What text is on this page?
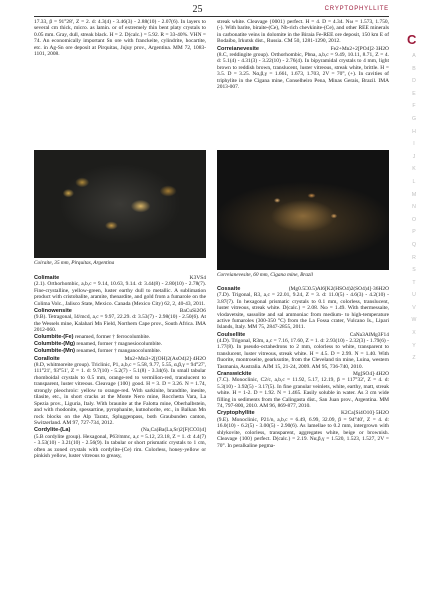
25	CRYPTOPHYLLITE

17.33, β = 91°28', Z = 2. d: 4.3(4) - 3.46(3) - 2.88(10) - 2.07(6). In layers to several cm thick, micro. as lamin. or of extremely thin bent platy crystals to 0.05 mm. Gray, dull, streak black. H = 2. D(calc.) = 5.92. R = 33-40%. VHN = 74. An economically important Sn ore with franckeite, cylindrite, hocartite, etc. in Ag-Sn ore deposit at Pirquitas, Jujuy prov., Argentina. MM 72, 1083-1101, 2008.

Coiraite, 35 mm, Pirquitas, Argentina

Colimaite	K3VS4

(2.1). Orthorhombic, a,b,c = 9.14, 10.63, 9.14. d: 3.44(8) - 2.80(10) - 2.78(7). Fine-crystalline, yellow-green, luster earthy dull to metallic. A sublimation product with cristobalite, aramite, thenardite, and gold from a fumarole on the Colima Volc., Jalisco State, Mexico. Canada (Mexico City) 62, 2, 40-43, 2011.

Colinowensite	BaCuSi2O6

(9.B). Tetragonal, I4/mcd, a,c = 9.97, 22.29. d: 3.53(7) - 2.98(10) - 2.50(6). At the Wessels mine, Kalahari Mn Field, Northern Cape prov., South Africa. IMA 2012-060.

Columbite-(Fe) renamed, former † ferrocolumbite.

Columbite-(Mg) renamed, former † magnesiocolumbite.

Columbite-(Mn) renamed, former † manganocolumbite.

Coralloite	Mn2+Mn3+2[(OH)2(AsO4)2]·4H2O

(8.D, whitmoreite group). Triclinic, P1, a,b,c = 5.58, 9.77, 5.55, α,β,γ = 94°27', 111°21', 93°51', Z = 1. d: 9.7(10) - 5.2(7) - 5.1(8) - 3.34(6). In small tabular rhomboidal crystals to 0.5 mm, orange-red to vermilion-red, translucent to transparent, luster vitreous. Cleavage {100} good. H = 3. D = 3.26. N = 1.74, strongly pleochroic: yellow to orange-red. With sarkinite, brandtite, inesite, tilasite, etc., in short cracks at the Monte Nero mine, Rocchetta Vara, La Spezia prov., Liguria, Italy. With braunite at the Falotta mine, Oberhalbstein, and with rhodonite, spessartine, pyrophanite, kutnohorite, etc., in Balkan Mn rock blocks on the Alp Taratz, Spluggenpass, both Graubunden canton, Switzerland. AM 97, 727-734, 2012.

Cordylite-(La)	(Na,Ca)Ba(La,Sr)2[F(CO3)4]

(5.B cordylite group). Hexagonal, P63/mmc, a,c = 5.12, 23.18, Z = 1. d: 4.4(7) - 3.53(10) - 3.21(10) - 2.56(9). In tabular or short prismatic crystals to 1 cm, often as zoned crystals with cordylite-(Ce) rim. Colorless, honey-yellow or pinkish yellow, luster vitreous to greasy,

streak white. Cleavage {0001} perfect. H = 4. D = 4.34. Nω = 1.573, 1.750, (-). With barite, biraite-(Ce), Nb-rich chevkinite-(Ce), and other REE minerals in carbonatite veins in dolomite in the Biraia Fe-REE ore deposit, 150 km E of Bodaibo, Irkutsk dist., Russia. CM 50, 1281-1290, 2012.

Correianevesite	Fe2+Mn2+2[PO4]2·3H2O

(8.C, reddingite group). Orthorhombic, Pbna, a,b,c = 9.49, 10.11, 8.71, Z = 4. d: 5.1(4) - 4.31(3) - 3.22(10) - 2.76(4). In bipyramidal crystals to 4 mm, light brown to reddish brown, translucent, luster vitreous, streak white, brittle. H = 3.5. D = 3.25. Nα,β,γ = 1.661, 1.673, 1.703, 2V = 70°, (+). In cavities of triphylite in the Cigana mine, Conselheiro Pena, Minas Gerais, Brazil. IMA 2013-007.

Correianevesite, 60 mm, Cigana mine, Brazil

Cossaite	(Mg0.5□0.5)Al6[K2(HSO4)2(SO4)4]·36H2O

(7.D). Trigonal, R3, a,c = 22.01, 9.24, Z = 3. d: 11.0(5) - 4.6(3) - 4.2(10) - 3.87(7). In hexagonal prismatic crystals to 0.1 mm, colorless, translucent, luster vitreous, streak white. D(calc.) = 2.08. Nω = 1.49. With thermessaite, vlodavetsite, sassolite and sal ammoniac from medium- to high-temperature active fumaroles (300-350 °C) from the La Fossa crater, Vulcano Is., Lipari Islands, Italy. MM 75, 2847-2855, 2011.

Coulsellite	CaNa3AlMg3F14

(4.D). Trigonal, R3m, a,c = 7.16, 17.60, Z = 1. d: 2.93(10) - 2.32(3) - 1.79(6) - 1.77(8). In pseudo-octahedrons to 2 mm, colorless to white, transparent to translucent, luster vitreous, streak white. H = 4.5. D = 2.99. N = 1.40. With fluorite, montroseite, gearksutite, from the Cleveland tin mine, Luina, western Tasmania, Australia. AJM 15, 21-24, 2009. AM 95, 736-740, 2010.

Cranswickite	Mg[SO4]·4H2O

(7.C). Monoclinic, C2/c, a,b,c = 11.92, 5.17, 12.19, β = 117°32', Z = 4. d: 5.3(10) - 3.92(5) - 3.17(5). In fine granular veinlets, white, earthy, matt, streak white. H = 1-2. D = 1.92. N = 1.465. Easily soluble in water. As 3 cm wide filling in sediments from the Calingasta dist., San Juan prov., Argentina. MM 74, 797-800, 2010. AM 96, 869-877, 2010.

Cryptophyllite	K2Ca[Si4O10]·5H2O

(9.E). Monoclinic, P21/n, a,b,c = 6.49, 6.99, 32.09, β = 94°40', Z = 4. d: 16.0(10) - 6.2(5) - 3.00(5) - 2.90(6). As lamellae to 0.2 mm, intergrown with shlykovite, colorless, transparent, aggregates white, beige or brownish. Cleavage {100} perfect. D(calc.) = 2.19. Nα,β,γ = 1.520, 1.523, 1.527, 2V = 70°. In peralkaline pegma-

C
A
B
D
E
F
G
H
I
J
K
L
M
N
O
P
Q
R
S
T
U
V
W
X
Y
Z
